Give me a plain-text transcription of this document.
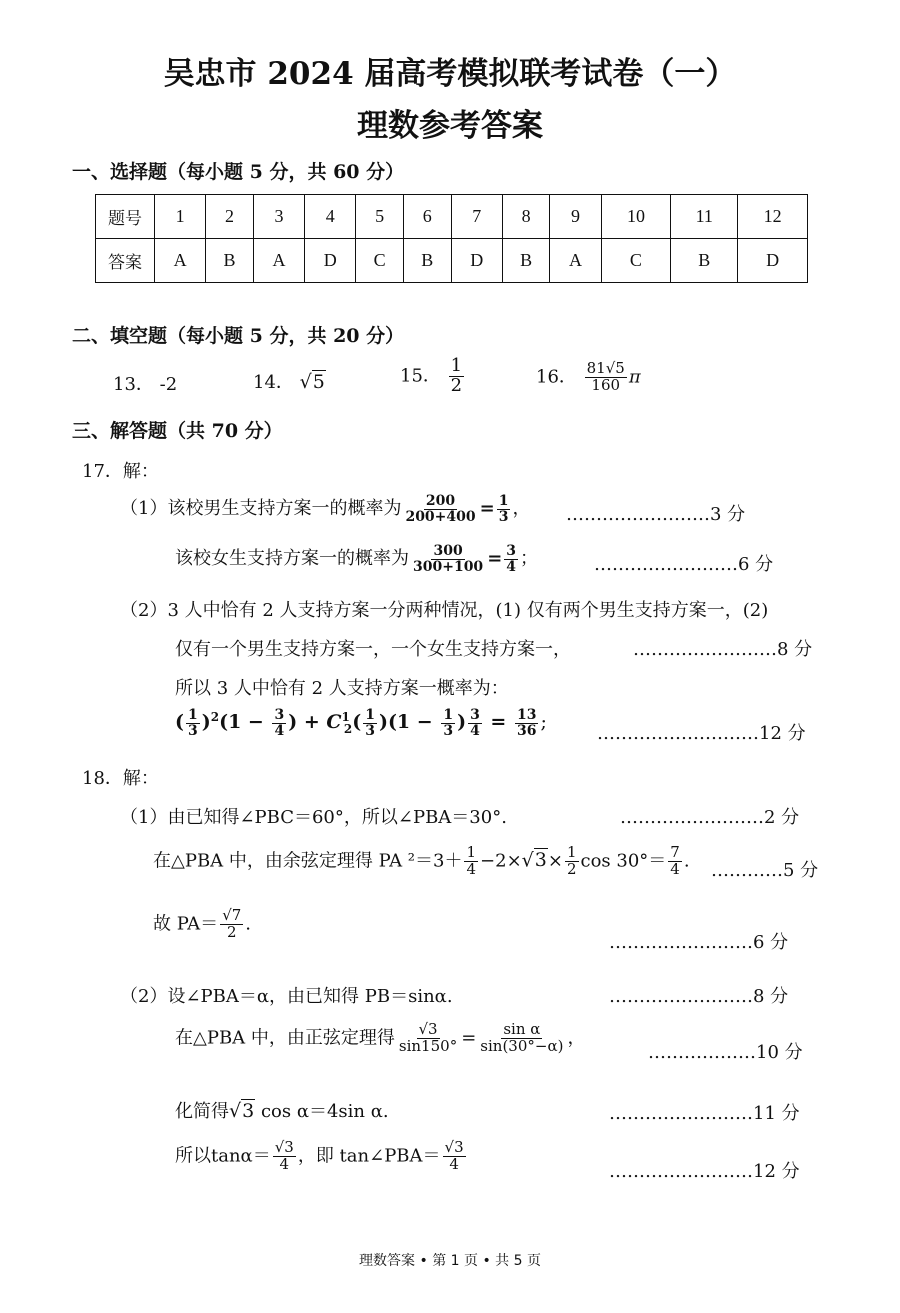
吴忠市 2024 届高考模拟联考试卷（一）
理数参考答案
一、选择题（每小题 5 分，共 60 分）
题号	1	2	3	4	5	6	7	8	9	10	11	12
答案	A	B	A	D	C	B	D	B	A	C	B	D
二、填空题（每小题 5 分，共 20 分）
13． -2	14． √5	15． $\frac{1}{2}$	16． $\frac{81√5}{160}$ π
三、解答题（共 70 分）
17．解：
（1）该校男生支持方案一的概率为 $\frac{200}{200+400} = \frac{1}{3}$ ， ……………………3 分
该校女生支持方案一的概率为 $\frac{300}{300+100} = \frac{3}{4}$ ；	……………………6 分
（2）3 人中恰有 2 人支持方案一分两种情况，(1) 仅有两个男生支持方案一，(2)
仅有一个男生支持方案一，一个女生支持方案一，	……………………8 分
所以 3 人中恰有 2 人支持方案一概率为：
( $\frac{1}{3} )^2(1 - \frac{3}{4}$ ) + $C^1_2( \frac{1}{3} )(1 - \frac{1}{3}$ ) $\frac{3}{4} = \frac{13}{36}$ ;
………………………12 分
18．解：
（1）由已知得∠PBC＝60°，所以∠PBA＝30°.	……………………2 分
在△PBA 中，由余弦定理得 PA $^2=3+ \frac{1}{4} -2\times√3\times \frac{1}{2}$ $\cos 30^\circ= \frac{7}{4}$ . …………5 分
故 $PA= \frac{√7}{2}$ .
……………………6 分
（2）设∠PBA＝α，由已知得 PB＝sinα.	……………………8 分
在△PBA 中，由正弦定理得 $\frac{√3}{\sin 150^\circ} = \frac{\text{sin α}}{\sin(30^\circ-\alpha)}$ ，
………………10 分
化简得√3 cos α＝4sin α.	……………………11 分
所以$\tan\alpha= \frac{√3}{4}$ ，即 tan∠PBA＝ $\frac{√3}{4}$	……………………12 分
理数答案 • 第 1 页 • 共 5 页
